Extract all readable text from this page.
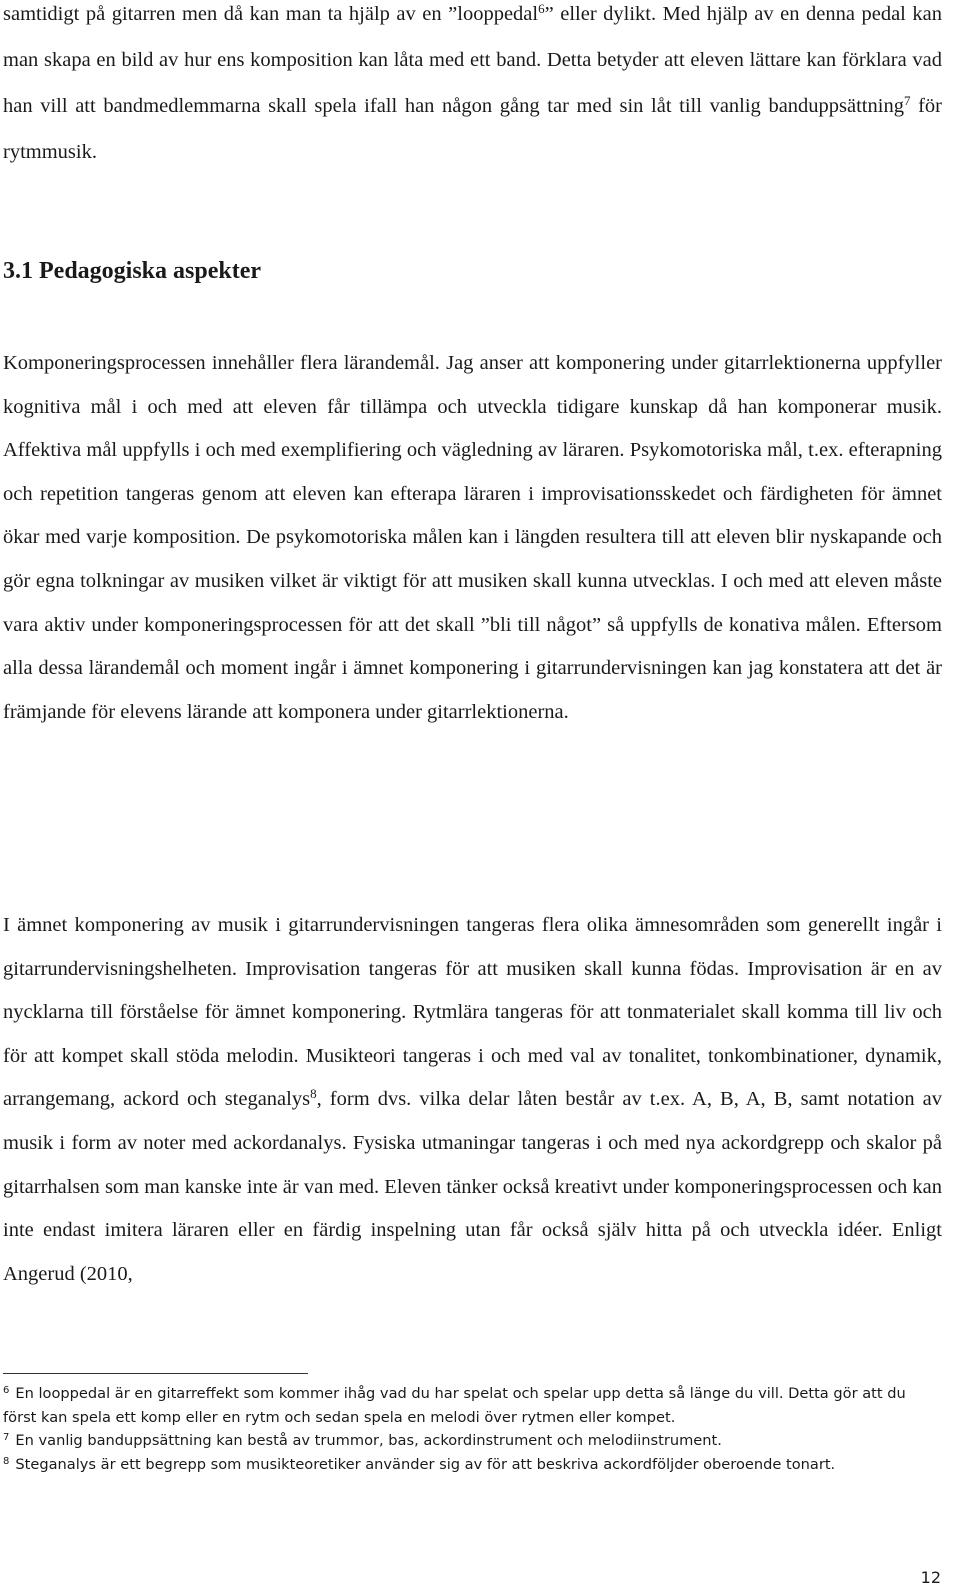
samtidigt på gitarren men då kan man ta hjälp av en ”looppedal$^6$” eller dylikt. Med hjälp av en denna pedal kan man skapa en bild av hur ens komposition kan låta med ett band. Detta betyder att eleven lättare kan förklara vad han vill att bandmedlemmarna skall spela ifall han någon gång tar med sin låt till vanlig banduppsättning$^7$ för rytmmusik.

3.1 Pedagogiska aspekter

Komponeringsprocessen innehåller flera lärandemål. Jag anser att komponering under gitarrlektionerna uppfyller kognitiva mål i och med att eleven får tillämpa och utveckla tidigare kunskap då han komponerar musik. Affektiva mål uppfylls i och med exemplifiering och vägledning av läraren. Psykomotoriska mål, t.ex. efterapning och repetition tangeras genom att eleven kan efterapa läraren i improvisationsskedet och färdigheten för ämnet ökar med varje komposition. De psykomotoriska målen kan i längden resultera till att eleven blir nyskapande och gör egna tolkningar av musiken vilket är viktigt för att musiken skall kunna utvecklas. I och med att eleven måste vara aktiv under komponeringsprocessen för att det skall ”bli till något” så uppfylls de konativa målen. Eftersom alla dessa lärandemål och moment ingår i ämnet komponering i gitarrundervisningen kan jag konstatera att det är främjande för elevens lärande att komponera under gitarrlektionerna.

I ämnet komponering av musik i gitarrundervisningen tangeras flera olika ämnesområden som generellt ingår i gitarrundervisningshelheten. Improvisation tangeras för att musiken skall kunna födas. Improvisation är en av nycklarna till förståelse för ämnet komponering. Rytmlära tangeras för att tonmaterialet skall komma till liv och för att kompet skall stöda melodin. Musikteori tangeras i och med val av tonalitet, tonkombinationer, dynamik, arrangemang, ackord och steganalys$^8$, form dvs. vilka delar låten består av t.ex. A, B, A, B, samt notation av musik i form av noter med ackordanalys. Fysiska utmaningar tangeras i och med nya ackordgrepp och skalor på gitarrhalsen som man kanske inte är van med. Eleven tänker också kreativt under komponeringsprocessen och kan inte endast imitera läraren eller en färdig inspelning utan får också själv hitta på och utveckla idéer. Enligt Angerud (2010,

$^6$ En looppedal är en gitarreffekt som kommer ihåg vad du har spelat och spelar upp detta så länge du vill. Detta gör att du först kan spela ett komp eller en rytm och sedan spela en melodi över rytmen eller kompet.

$^7$ En vanlig banduppsättning kan bestå av trummor, bas, ackordinstrument och melodiinstrument.

$^8$ Steganalys är ett begrepp som musikteoretiker använder sig av för att beskriva ackordföljder oberoende tonart.

12
